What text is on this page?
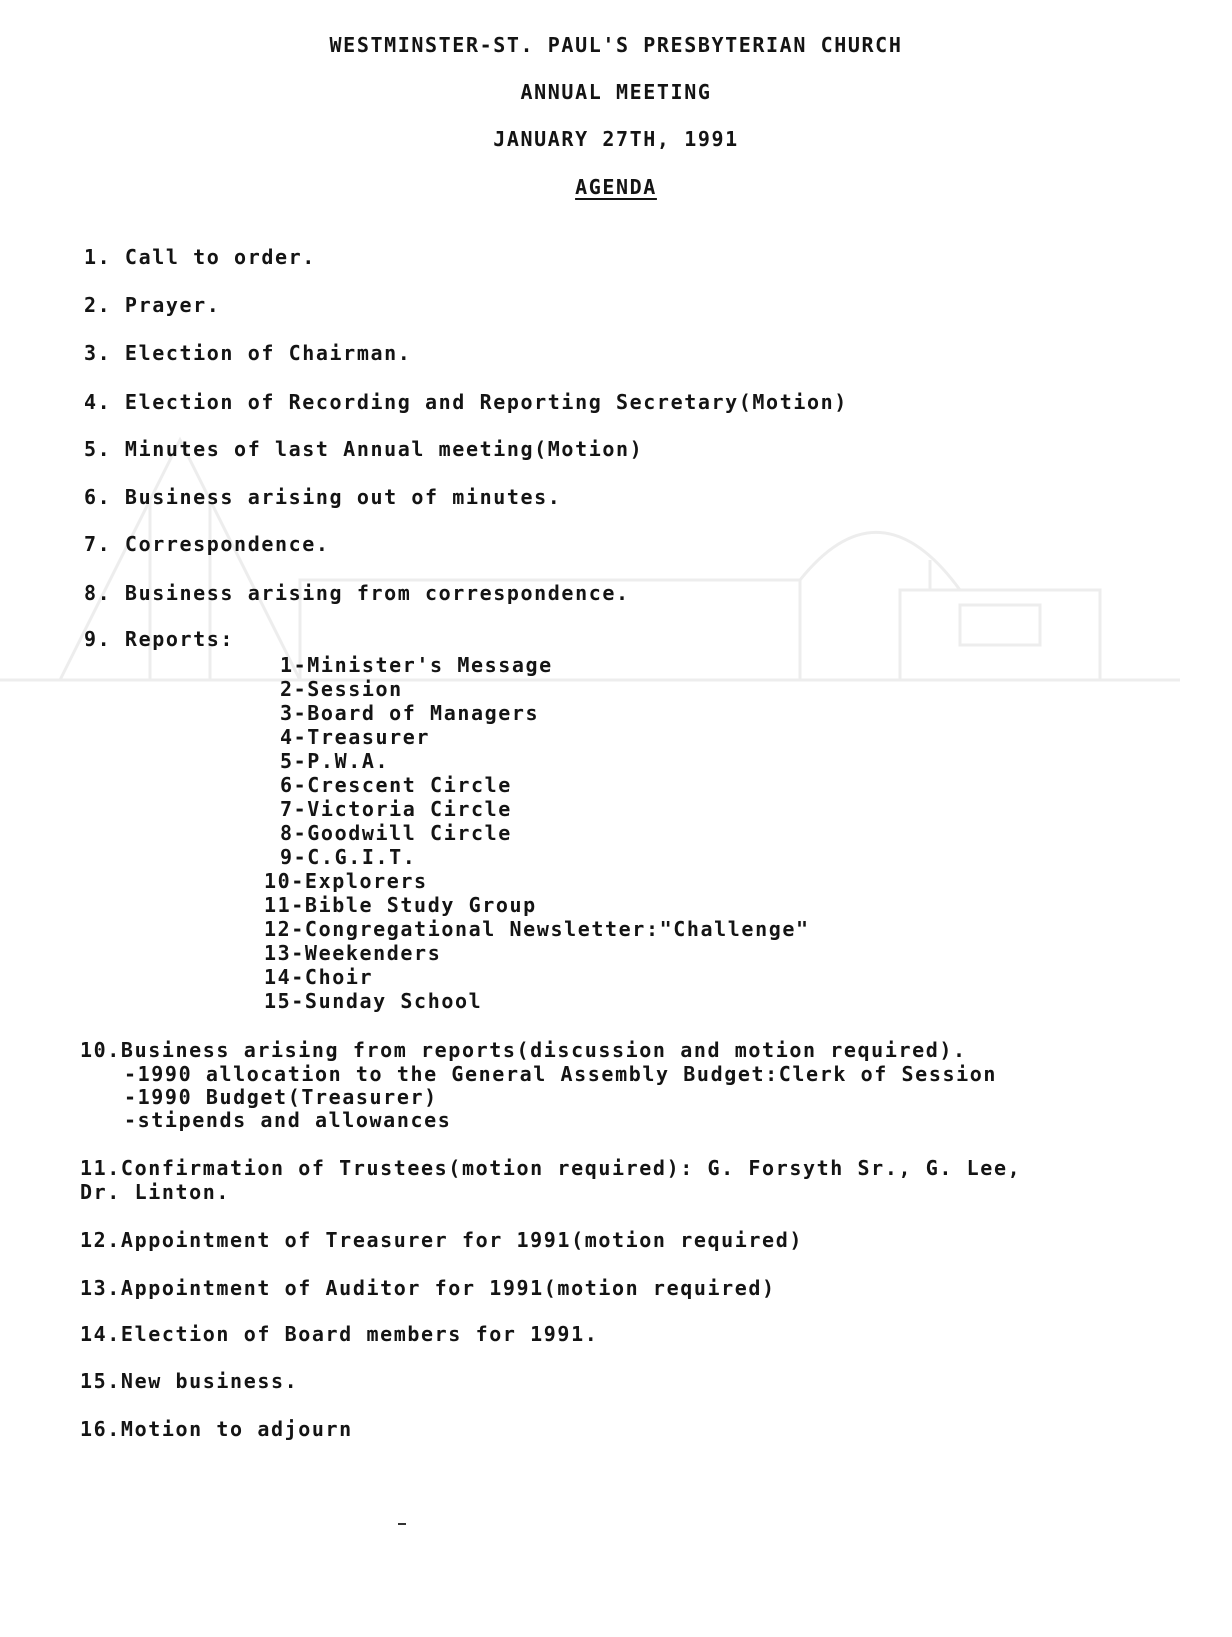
WESTMINSTER-ST. PAUL'S PRESBYTERIAN CHURCH
ANNUAL MEETING
JANUARY 27TH, 1991
AGENDA
1. Call to order.
2. Prayer.
3. Election of Chairman.
4. Election of Recording and Reporting Secretary(Motion)
5. Minutes of last Annual meeting(Motion)
6. Business arising out of minutes.
7. Correspondence.
8. Business arising from correspondence.
9. Reports:
1-Minister's Message
2-Session
3-Board of Managers
4-Treasurer
5-P.W.A.
6-Crescent Circle
7-Victoria Circle
8-Goodwill Circle
9-C.G.I.T.
10-Explorers
11-Bible Study Group
12-Congregational Newsletter:"Challenge"
13-Weekenders
14-Choir
15-Sunday School
10.Business arising from reports(discussion and motion required).
-1990 allocation to the General Assembly Budget:Clerk of Session
-1990 Budget(Treasurer)
-stipends and allowances
11.Confirmation of Trustees(motion required): G. Forsyth Sr., G. Lee,
Dr. Linton.
12.Appointment of Treasurer for 1991(motion required)
13.Appointment of Auditor for 1991(motion required)
14.Election of Board members for 1991.
15.New business.
16.Motion to adjourn
